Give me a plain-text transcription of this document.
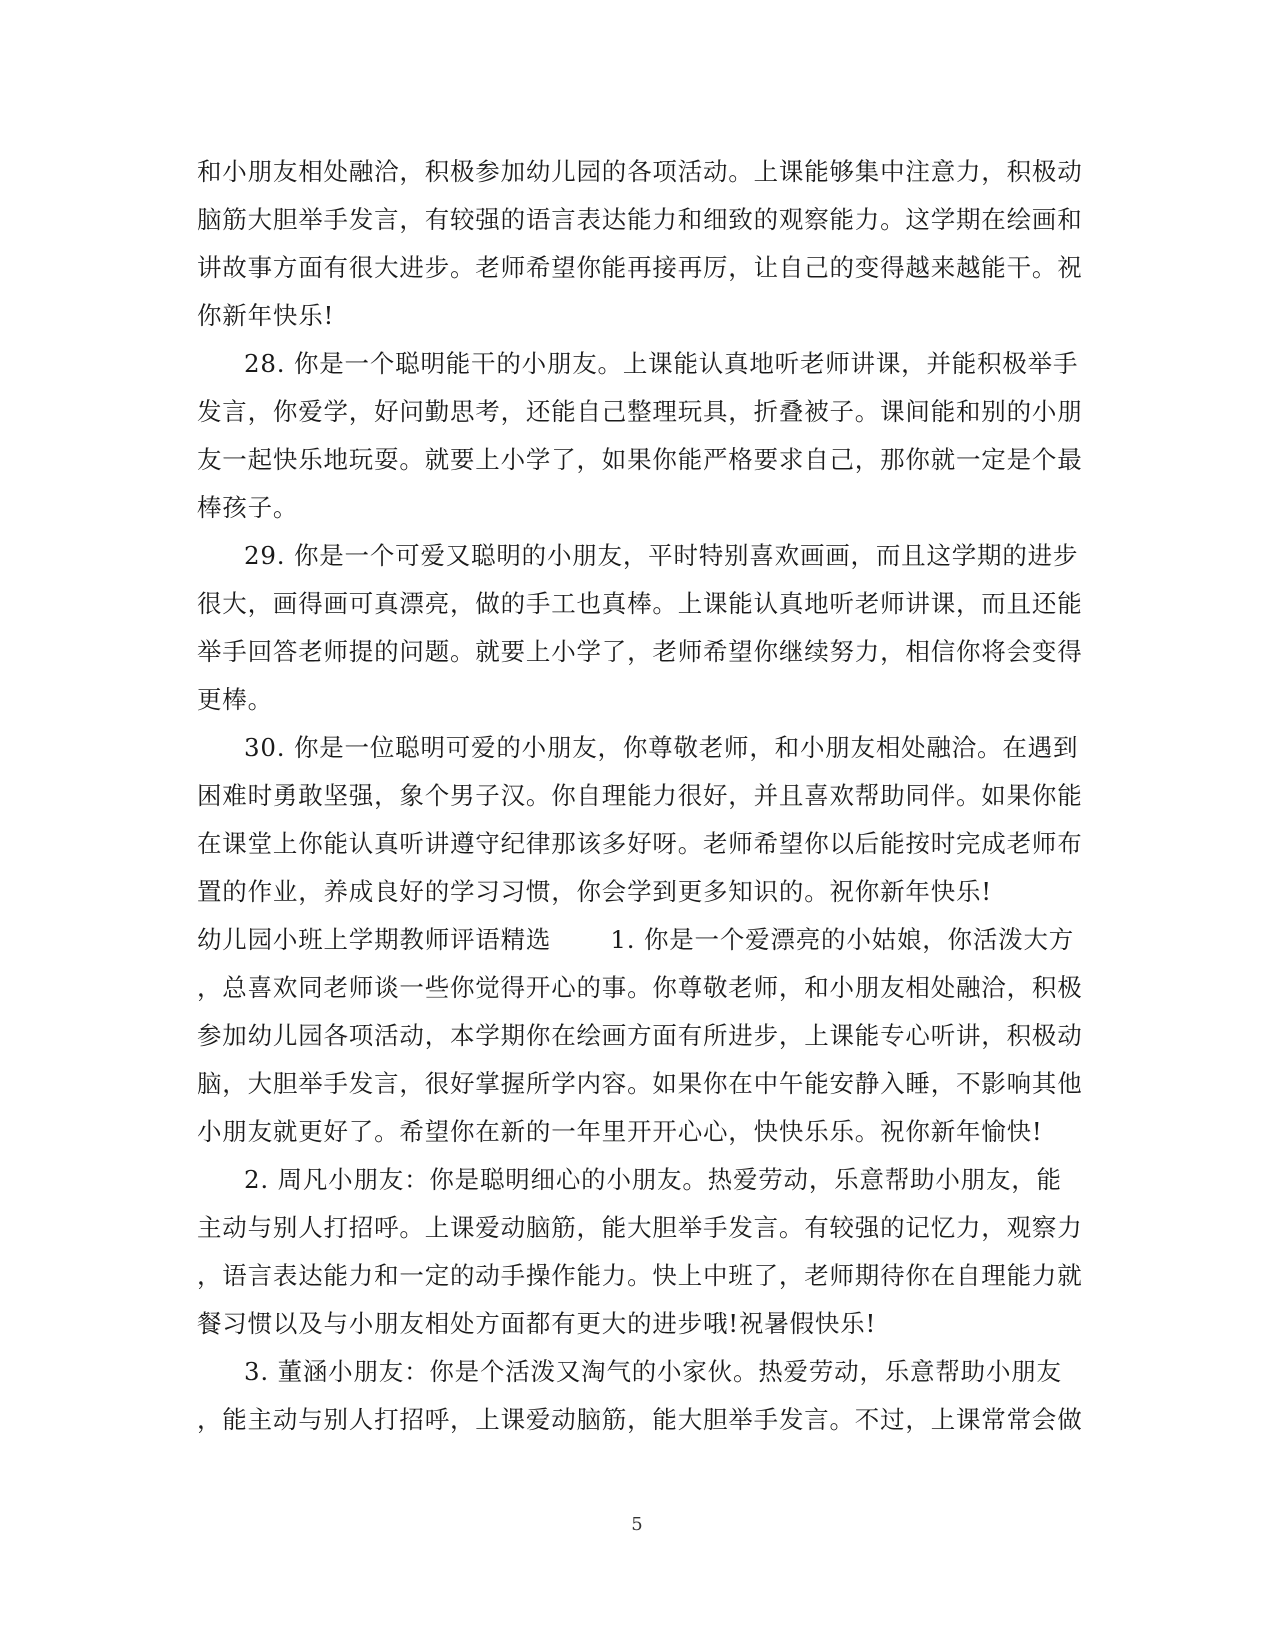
和小朋友相处融洽，积极参加幼儿园的各项活动。上课能够集中注意力，积极动
脑筋大胆举手发言，有较强的语言表达能力和细致的观察能力。这学期在绘画和
讲故事方面有很大进步。老师希望你能再接再厉，让自己的变得越来越能干。祝
你新年快乐!
28. 你是一个聪明能干的小朋友。上课能认真地听老师讲课，并能积极举手
发言，你爱学，好问勤思考，还能自己整理玩具，折叠被子。课间能和别的小朋
友一起快乐地玩耍。就要上小学了，如果你能严格要求自己，那你就一定是个最
棒孩子。
29. 你是一个可爱又聪明的小朋友，平时特别喜欢画画，而且这学期的进步
很大，画得画可真漂亮，做的手工也真棒。上课能认真地听老师讲课，而且还能
举手回答老师提的问题。就要上小学了，老师希望你继续努力，相信你将会变得
更棒。
30. 你是一位聪明可爱的小朋友，你尊敬老师，和小朋友相处融洽。在遇到
困难时勇敢坚强，象个男子汉。你自理能力很好，并且喜欢帮助同伴。如果你能
在课堂上你能认真听讲遵守纪律那该多好呀。老师希望你以后能按时完成老师布
置的作业，养成良好的学习习惯，你会学到更多知识的。祝你新年快乐!
幼儿园小班上学期教师评语精选　　 1. 你是一个爱漂亮的小姑娘，你活泼大方
，总喜欢同老师谈一些你觉得开心的事。你尊敬老师，和小朋友相处融洽，积极
参加幼儿园各项活动，本学期你在绘画方面有所进步，上课能专心听讲，积极动
脑，大胆举手发言，很好掌握所学内容。如果你在中午能安静入睡，不影响其他
小朋友就更好了。希望你在新的一年里开开心心，快快乐乐。祝你新年愉快!
2. 周凡小朋友：你是聪明细心的小朋友。热爱劳动，乐意帮助小朋友，能
主动与别人打招呼。上课爱动脑筋，能大胆举手发言。有较强的记忆力，观察力
，语言表达能力和一定的动手操作能力。快上中班了，老师期待你在自理能力就
餐习惯以及与小朋友相处方面都有更大的进步哦!祝暑假快乐!
3. 董涵小朋友：你是个活泼又淘气的小家伙。热爱劳动，乐意帮助小朋友
，能主动与别人打招呼，上课爱动脑筋，能大胆举手发言。不过，上课常常会做
5
